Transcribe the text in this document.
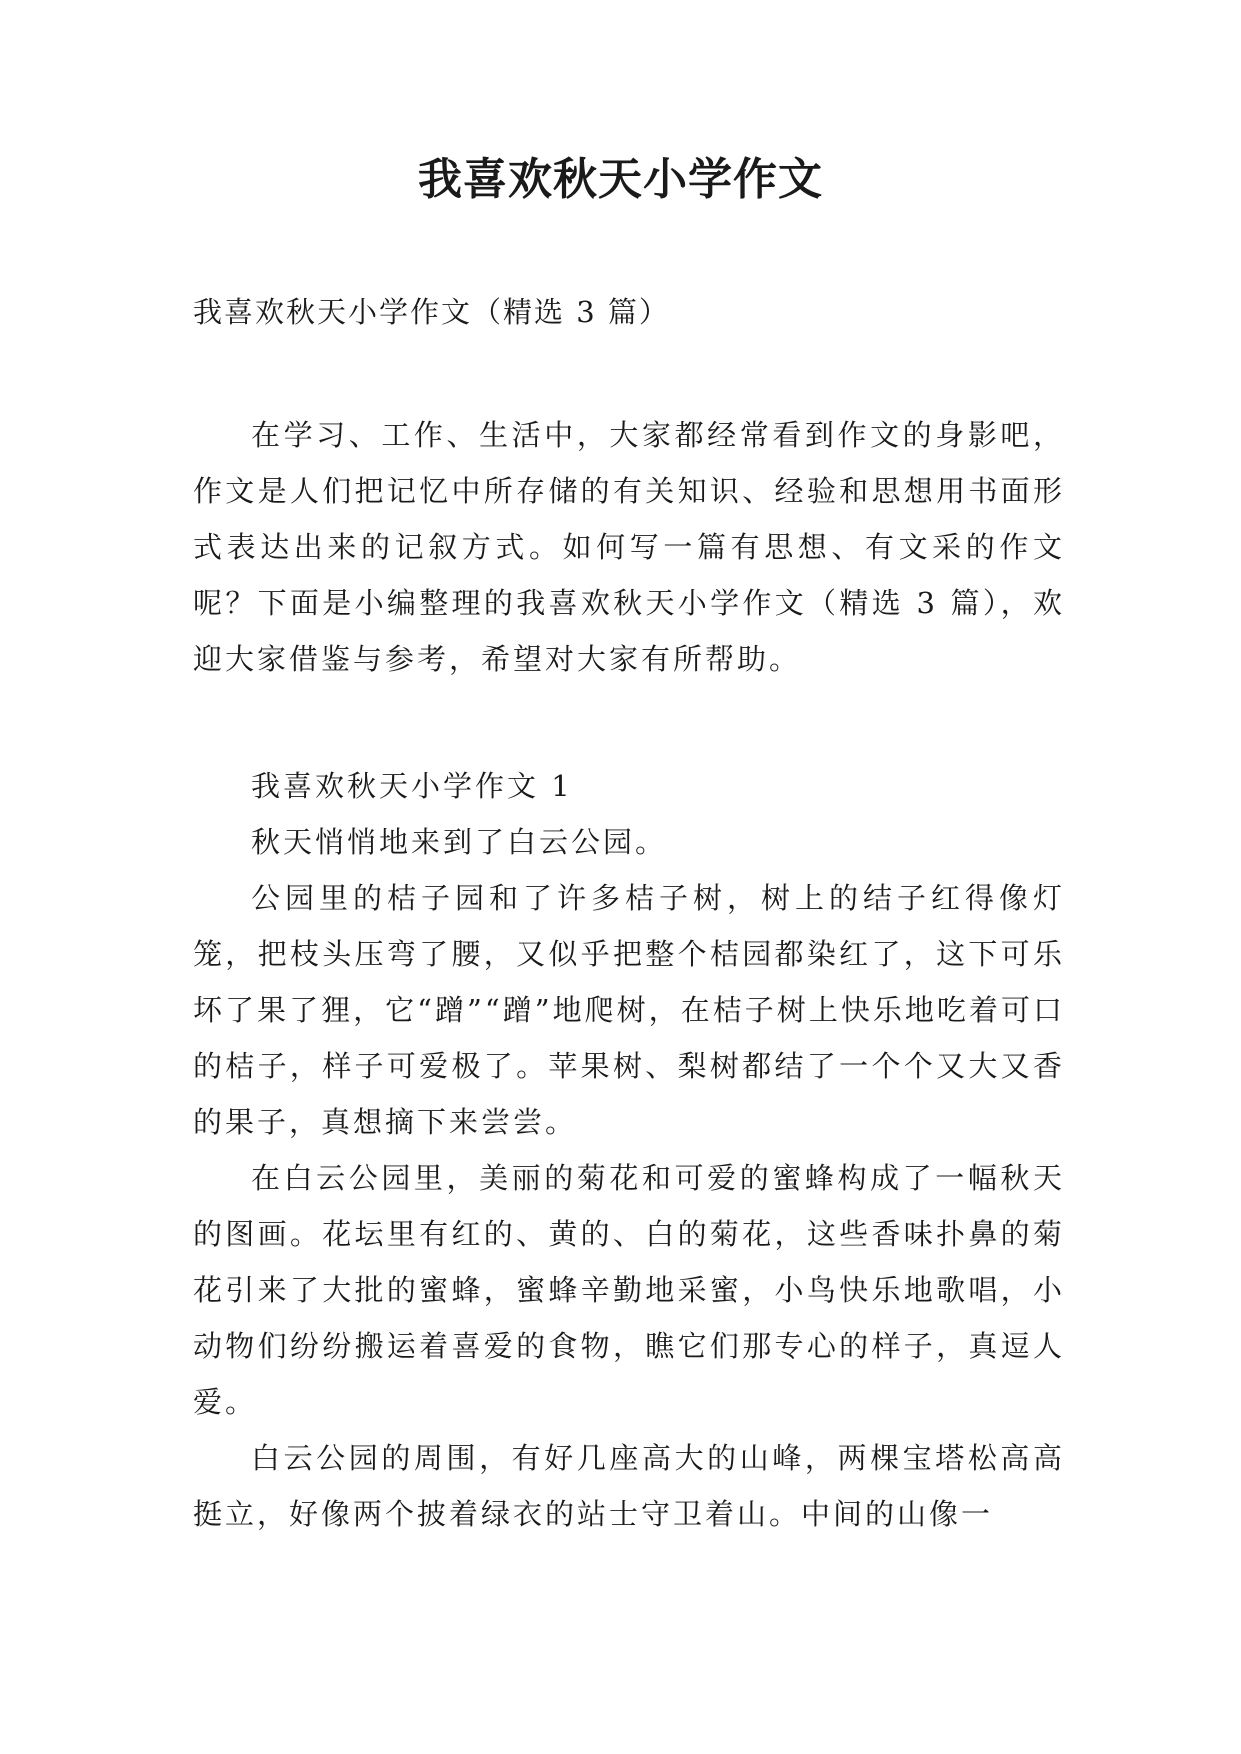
我喜欢秋天小学作文
我喜欢秋天小学作文（精选 3 篇）

在学习、工作、生活中，大家都经常看到作文的身影吧，作文是人们把记忆中所存储的有关知识、经验和思想用书面形式表达出来的记叙方式。如何写一篇有思想、有文采的作文呢？下面是小编整理的我喜欢秋天小学作文（精选 3 篇），欢迎大家借鉴与参考，希望对大家有所帮助。

我喜欢秋天小学作文 1

秋天悄悄地来到了白云公园。

公园里的桔子园和了许多桔子树，树上的结子红得像灯笼，把枝头压弯了腰，又似乎把整个桔园都染红了，这下可乐坏了果了狸，它“蹭”“蹭”地爬树，在桔子树上快乐地吃着可口的桔子，样子可爱极了。苹果树、梨树都结了一个个又大又香的果子，真想摘下来尝尝。

在白云公园里，美丽的菊花和可爱的蜜蜂构成了一幅秋天的图画。花坛里有红的、黄的、白的菊花，这些香味扑鼻的菊花引来了大批的蜜蜂，蜜蜂辛勤地采蜜，小鸟快乐地歌唱，小动物们纷纷搬运着喜爱的食物，瞧它们那专心的样子，真逗人爱。

白云公园的周围，有好几座高大的山峰，两棵宝塔松高高挺立，好像两个披着绿衣的站士守卫着山。中间的山像一
